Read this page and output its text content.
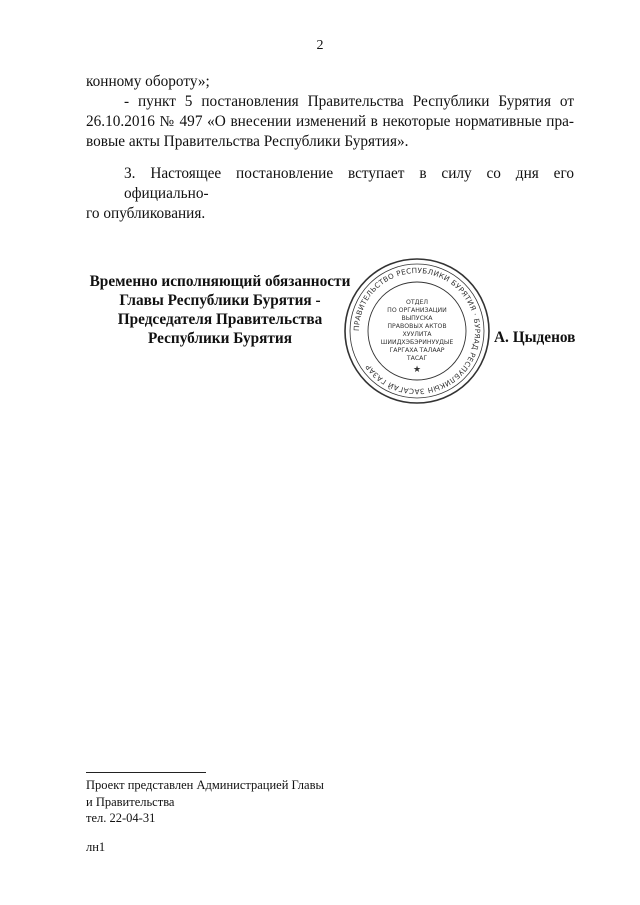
2
конному обороту»;
- пункт 5 постановления Правительства Республики Бурятия от
26.10.2016 № 497 «О внесении изменений в некоторые нормативные пра-
вовые акты Правительства Республики Бурятия».
3. Настоящее постановление вступает в силу со дня его официально-
го опубликования.
Временно исполняющий обязанности
Главы Республики Бурятия -
Председателя Правительства
Республики Бурятия
ПРАВИТЕЛЬСТВО РЕСПУБЛИКИ БУРЯТИЯ · БУРЯАД РЕСПУБЛИКЫН ЗАСАГАЙ ГАЗАР
ОТДЕЛ
ПО ОРГАНИЗАЦИИ
ВЫПУСКА
ПРАВОВЫХ АКТОВ
ХУУЛИТА
ШИИДХЭБЭРИНУУДЫЕ
ГАРГАХА ТАЛААР
ТАСАГ
★
А. Цыденов
Проект представлен Администрацией Главы
и Правительства
тел. 22-04-31
лн1
